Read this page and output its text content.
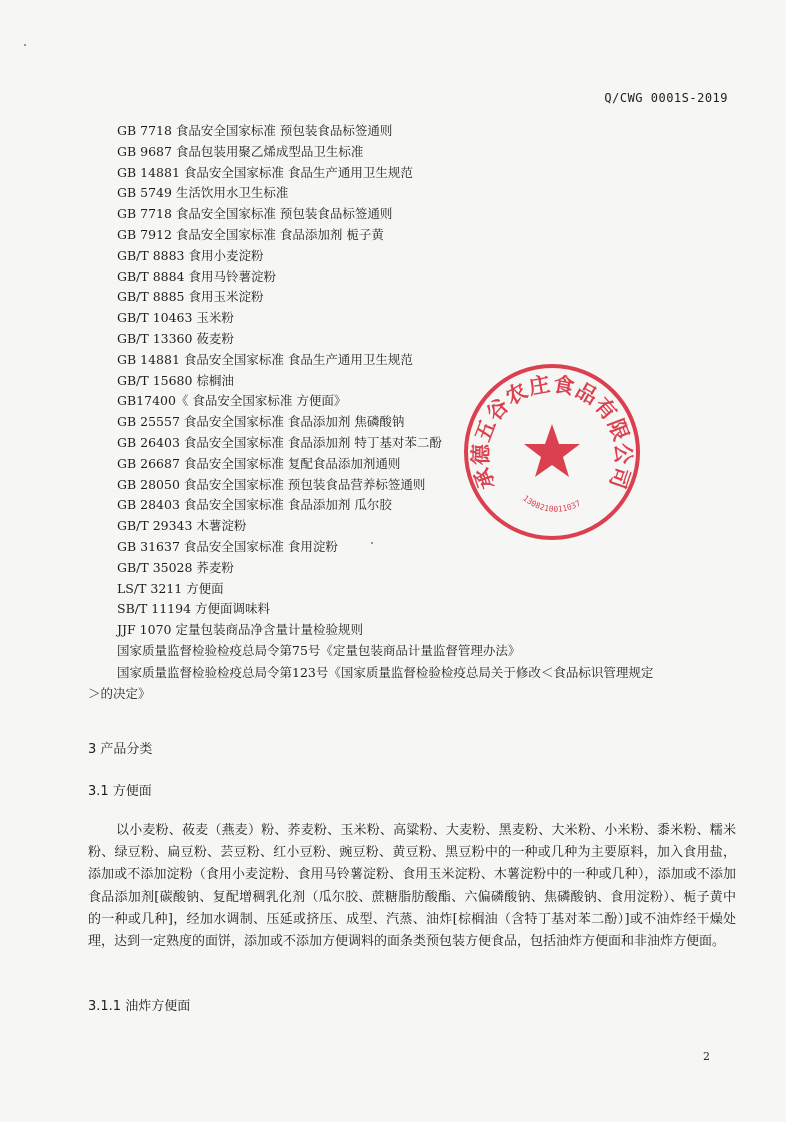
Q/CWG 0001S-2019
GB 7718 食品安全国家标准 预包装食品标签通则
GB 9687 食品包装用聚乙烯成型品卫生标准
GB 14881 食品安全国家标准 食品生产通用卫生规范
GB 5749 生活饮用水卫生标准
GB 7718 食品安全国家标准 预包装食品标签通则
GB 7912 食品安全国家标准 食品添加剂 栀子黄
GB/T 8883 食用小麦淀粉
GB/T 8884 食用马铃薯淀粉
GB/T 8885 食用玉米淀粉
GB/T 10463 玉米粉
GB/T 13360 莜麦粉
GB 14881 食品安全国家标准 食品生产通用卫生规范
GB/T 15680 棕榈油
GB17400《 食品安全国家标准 方便面》
GB 25557 食品安全国家标准 食品添加剂 焦磷酸钠
GB 26403 食品安全国家标准 食品添加剂 特丁基对苯二酚
GB 26687 食品安全国家标准 复配食品添加剂通则
GB 28050 食品安全国家标准 预包装食品营养标签通则
GB 28403 食品安全国家标准 食品添加剂 瓜尔胶
GB/T 29343 木薯淀粉
GB 31637 食品安全国家标准 食用淀粉
GB/T 35028 荞麦粉
LS/T 3211 方便面
SB/T 11194 方便面调味料
JJF 1070 定量包装商品净含量计量检验规则
国家质量监督检验检疫总局令第75号《定量包装商品计量监督管理办法》
国家质量监督检验检疫总局令第123号《国家质量监督检验检疫总局关于修改＜食品标识管理规定
＞的决定》
3 产品分类
3.1 方便面

以小麦粉、莜麦（燕麦）粉、荞麦粉、玉米粉、高粱粉、大麦粉、黑麦粉、大米粉、小米粉、黍米粉、糯米粉、绿豆粉、扁豆粉、芸豆粉、红小豆粉、豌豆粉、黄豆粉、黑豆粉中的一种或几种为主要原料，加入食用盐，添加或不添加淀粉（食用小麦淀粉、食用马铃薯淀粉、食用玉米淀粉、木薯淀粉中的一种或几种），添加或不添加食品添加剂[碳酸钠、复配增稠乳化剂（瓜尔胶、蔗糖脂肪酸酯、六偏磷酸钠、焦磷酸钠、食用淀粉）、栀子黄中的一种或几种]，经加水调制、压延或挤压、成型、汽蒸、油炸[棕榈油（含特丁基对苯二酚）]或不油炸经干燥处理，达到一定熟度的面饼，添加或不添加方便调料的面条类预包装方便食品，包括油炸方便面和非油炸方便面。

3.1.1 油炸方便面
2
承德五谷农庄食品有限公司
1308210011037
